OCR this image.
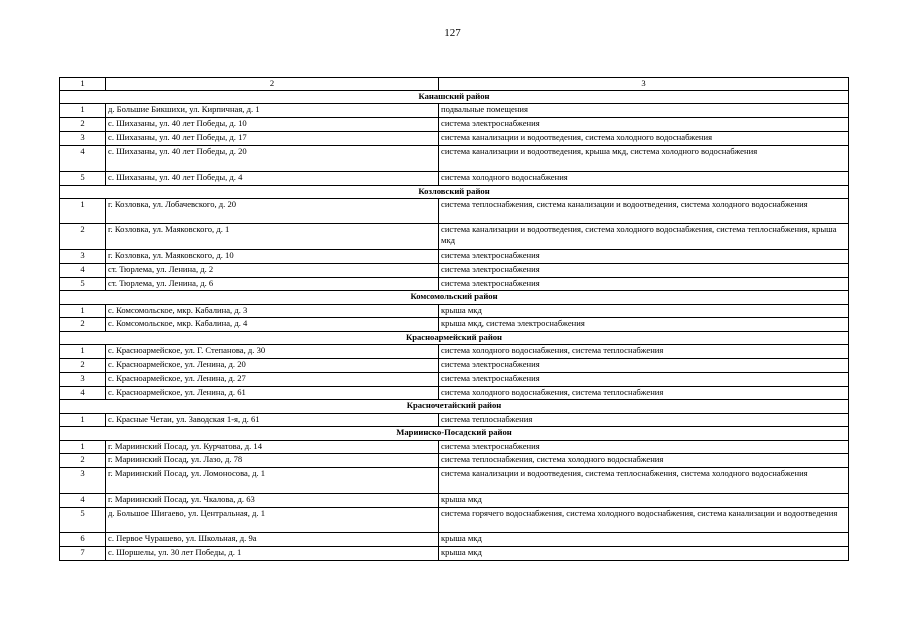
127
1	2	3
Канашский район		
1	д. Большие Бикшихи, ул. Кирпичная, д. 1	подвальные помещения
2	с. Шихазаны, ул. 40 лет Победы, д. 10	система электроснабжения
3	с. Шихазаны, ул. 40 лет Победы, д. 17	система канализации и водоотведения, система холодного водоснабжения
4	с. Шихазаны, ул. 40 лет Победы, д. 20	система канализации и водоотведения, крыша мкд, система холодного водоснабжения
5	с. Шихазаны, ул. 40 лет Победы, д. 4	система холодного водоснабжения
Козловский район		
1	г. Козловка, ул. Лобачевского, д. 20	система теплоснабжения, система канализации и водоотведения, система холодного водоснабжения
2	г. Козловка, ул. Маяковского, д. 1	система канализации и водоотведения, система холодного водоснабжения, система теплоснабжения, крыша мкд
3	г. Козловка, ул. Маяковского, д. 10	система электроснабжения
4	ст. Тюрлема, ул. Ленина, д. 2	система электроснабжения
5	ст. Тюрлема, ул. Ленина, д. 6	система электроснабжения
Комсомольский район		
1	с. Комсомольское, мкр. Кабалина, д. 3	крыша мкд
2	с. Комсомольское, мкр. Кабалина, д. 4	крыша мкд, система электроснабжения
Красноармейский район		
1	с. Красноармейское, ул. Г. Степанова, д. 30	система холодного водоснабжения, система теплоснабжения
2	с. Красноармейское, ул. Ленина, д. 20	система электроснабжения
3	с. Красноармейское, ул. Ленина, д. 27	система электроснабжения
4	с. Красноармейское, ул. Ленина, д. 61	система холодного водоснабжения, система теплоснабжения
Красночетайский район		
1	с. Красные Четаи, ул. Заводская 1-я, д. 61	система теплоснабжения
Мариинско-Посадский район		
1	г. Мариинский Посад, ул. Курчатова, д. 14	система электроснабжения
2	г. Мариинский Посад, ул. Лазо, д. 78	система теплоснабжения, система холодного водоснабжения
3	г. Мариинский Посад, ул. Ломоносова, д. 1	система канализации и водоотведения, система теплоснабжения, система холодного водоснабжения
4	г. Мариинский Посад, ул. Чкалова, д. 63	крыша мкд
5	д. Большое Шигаево, ул. Центральная, д. 1	система горячего водоснабжения, система холодного водоснабжения, система канализации и водоотведения
6	с. Первое Чурашево, ул. Школьная, д. 9а	крыша мкд
7	с. Шоршелы, ул. 30 лет Победы, д. 1	крыша мкд
